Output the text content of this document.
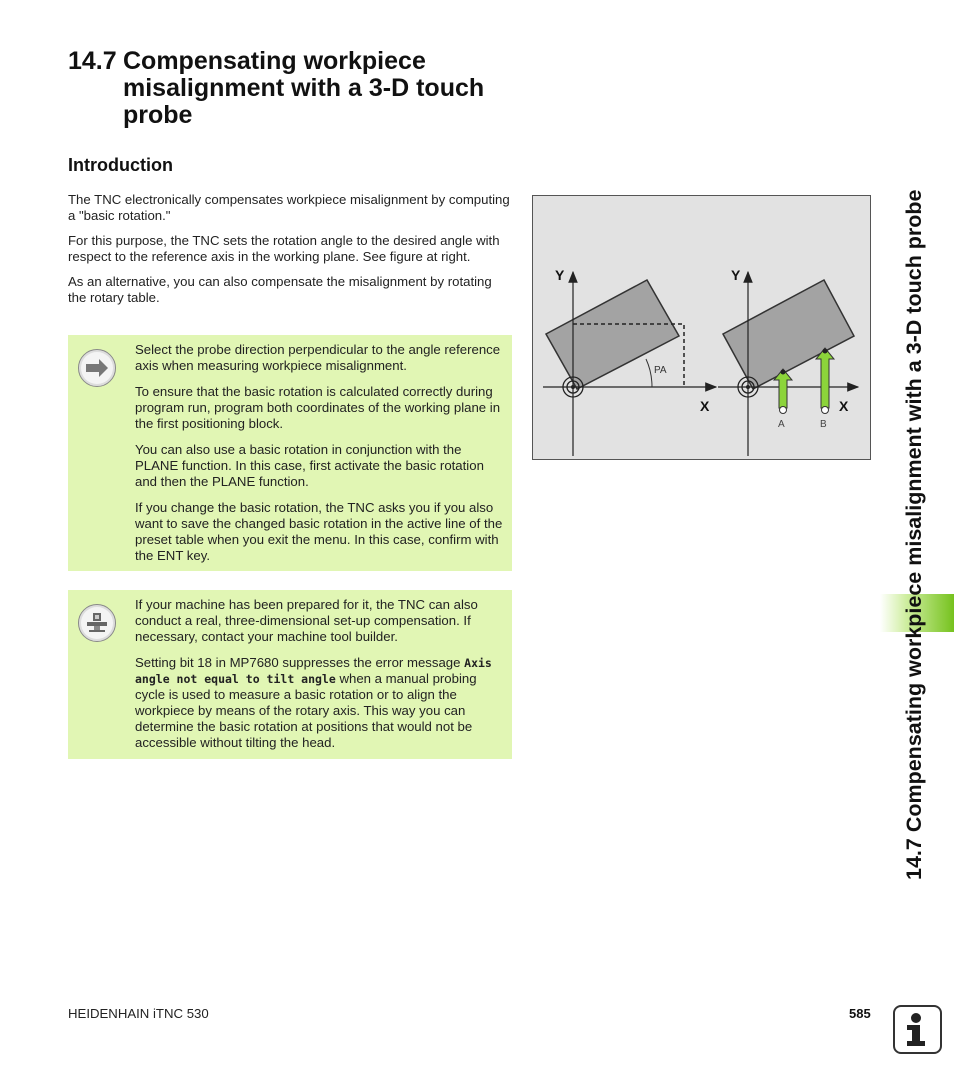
14.7 Compensating workpiece misalignment with a 3-D touch probe
Introduction

The TNC electronically compensates workpiece misalignment by computing a "basic rotation."

For this purpose, the TNC sets the rotation angle to the desired angle with respect to the reference axis in the working plane. See figure at right.

As an alternative, you can also compensate the misalignment by rotating the rotary table.

Select the probe direction perpendicular to the angle reference axis when measuring workpiece misalignment.

To ensure that the basic rotation is calculated correctly during program run, program both coordinates of the working plane in the first positioning block.

You can also use a basic rotation in conjunction with the PLANE function. In this case, first activate the basic rotation and then the PLANE function.

If you change the basic rotation, the TNC asks you if you also want to save the changed basic rotation in the active line of the preset table when you exit the menu. In this case, confirm with the ENT key.

If your machine has been prepared for it, the TNC can also conduct a real, three-dimensional set-up compensation. If necessary, contact your machine tool builder.

Setting bit 18 in MP7680 suppresses the error message Axis angle not equal to tilt angle when a manual probing cycle is used to measure a basic rotation or to align the workpiece by means of the rotary axis. This way you can determine the basic rotation at positions that would not be accessible without tilting the head.

Y
X
PA
Y
X
A	B	14.7 Compensating workpiece misalignment with a 3-D touch probe
HEIDENHAIN iTNC 530	585
